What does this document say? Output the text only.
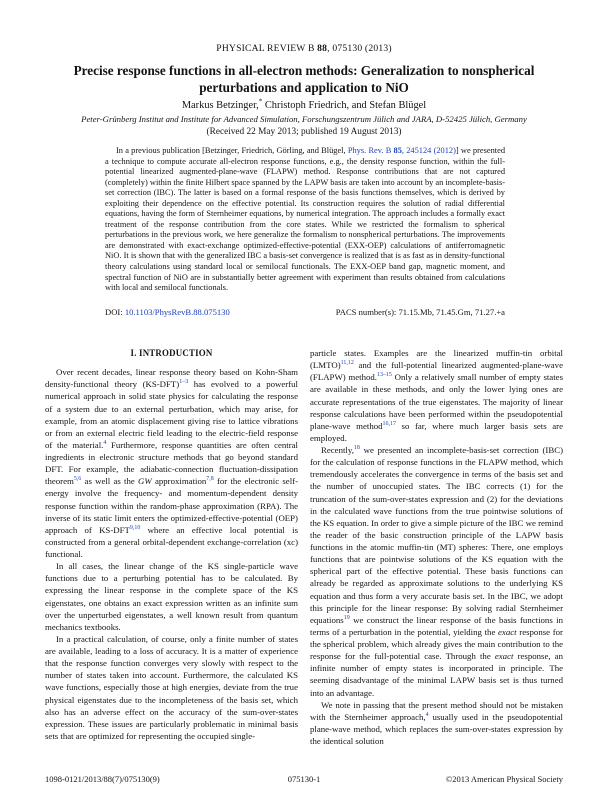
PHYSICAL REVIEW B 88, 075130 (2013)
Precise response functions in all-electron methods: Generalization to nonspherical perturbations and application to NiO
Markus Betzinger,* Christoph Friedrich, and Stefan Blügel
Peter-Grünberg Institut and Institute for Advanced Simulation, Forschungszentrum Jülich and JARA, D-52425 Jülich, Germany
(Received 22 May 2013; published 19 August 2013)
In a previous publication [Betzinger, Friedrich, Görling, and Blügel, Phys. Rev. B 85, 245124 (2012)] we presented a technique to compute accurate all-electron response functions, e.g., the density response function, within the full-potential linearized augmented-plane-wave (FLAPW) method. Response contributions that are not captured (completely) within the finite Hilbert space spanned by the LAPW basis are taken into account by an incomplete-basis-set correction (IBC). The latter is based on a formal response of the basis functions themselves, which is derived by exploiting their dependence on the effective potential. Its construction requires the solution of radial differential equations, having the form of Sternheimer equations, by numerical integration. The approach includes a formally exact treatment of the response contribution from the core states. While we restricted the formalism to spherical perturbations in the previous work, we here generalize the formalism to nonspherical perturbations. The improvements are demonstrated with exact-exchange optimized-effective-potential (EXX-OEP) calculations of antiferromagnetic NiO. It is shown that with the generalized IBC a basis-set convergence is realized that is as fast as in density-functional theory calculations using standard local or semilocal functionals. The EXX-OEP band gap, magnetic moment, and spectral function of NiO are in substantially better agreement with experiment than results obtained from calculations with local and semilocal functionals.
DOI: 10.1103/PhysRevB.88.075130	PACS number(s): 71.15.Mb, 71.45.Gm, 71.27.+a
I. INTRODUCTION

Over recent decades, linear response theory based on Kohn-Sham density-functional theory $(KS-DFT)^{1-3}$ has evolved to a powerful numerical approach in solid state physics for calculating the response of a system due to an external perturbation, which may arise, for example, from an atomic displacement giving rise to lattice vibrations or from an external electric field leading to the electric-field response of the material.$^4$ Furthermore, response quantities are often central ingredients in electronic structure methods that go beyond standard DFT. For example, the adiabatic-connection fluctuation-dissipation theorem$^{5,6}$ as well as the GW approximation$^{7,8}$ for the electronic self-energy involve the frequency- and momentum-dependent density response function within the random-phase approximation (RPA). The inverse of its static limit enters the optimized-effective-potential (OEP) approach of KS-DFT$^{9,10}$ where an effective local potential is constructed from a general orbital-dependent exchange-correlation (xc) functional.

In all cases, the linear change of the KS single-particle wave functions due to a perturbing potential has to be calculated. By expressing the linear response in the complete space of the KS eigenstates, one obtains an exact expression written as an infinite sum over the unperturbed eigenstates, a well known result from quantum mechanics textbooks.

In a practical calculation, of course, only a finite number of states are available, leading to a loss of accuracy. It is a matter of experience that the response function converges very slowly with respect to the number of states taken into account. Furthermore, the calculated KS wave functions, especially those at high energies, deviate from the true physical eigenstates due to the incompleteness of the basis set, which also has an adverse effect on the accuracy of the sum-over-states expression. These issues are particularly problematic in minimal basis sets that are optimized for representing the occupied single-

particle states. Examples are the linearized muffin-tin orbital (LMTO)$^{11,12}$ and the full-potential linearized augmented-plane-wave (FLAPW) method.$^{13-15}$ Only a relatively small number of empty states are available in these methods, and only the lower lying ones are accurate representations of the true eigenstates. The majority of linear response calculations have been performed within the pseudopotential plane-wave method$^{16,17}$ so far, where much larger basis sets are employed.

Recently,$^{18}$ we presented an incomplete-basis-set correction (IBC) for the calculation of response functions in the FLAPW method, which tremendously accelerates the convergence in terms of the basis set and the number of unoccupied states. The IBC corrects (1) for the truncation of the sum-over-states expression and (2) for the deviations in the calculated wave functions from the true pointwise solutions of the KS equation. In order to give a simple picture of the IBC we remind the reader of the basic construction principle of the LAPW basis functions in the atomic muffin-tin (MT) spheres: There, one employs functions that are pointwise solutions of the KS equation with the spherical part of the effective potential. These basis functions can already be regarded as approximate solutions to the underlying KS equation and thus form a very accurate basis set. In the IBC, we adopt this principle for the linear response: By solving radial Sternheimer equations$^{19}$ we construct the linear response of the basis functions in terms of a perturbation in the potential, yielding the exact response for the spherical problem, which already gives the main contribution to the response for the full-potential case. Through the exact response, an infinite number of empty states is incorporated in principle. The seeming disadvantage of the minimal LAPW basis set is thus turned into an advantage.

We note in passing that the present method should not be mistaken with the Sternheimer approach,$^4$ usually used in the pseudopotential plane-wave method, which replaces the sum-over-states expression by the identical solution

075130-1
1098-0121/2013/88(7)/075130(9)	©2013 American Physical Society
